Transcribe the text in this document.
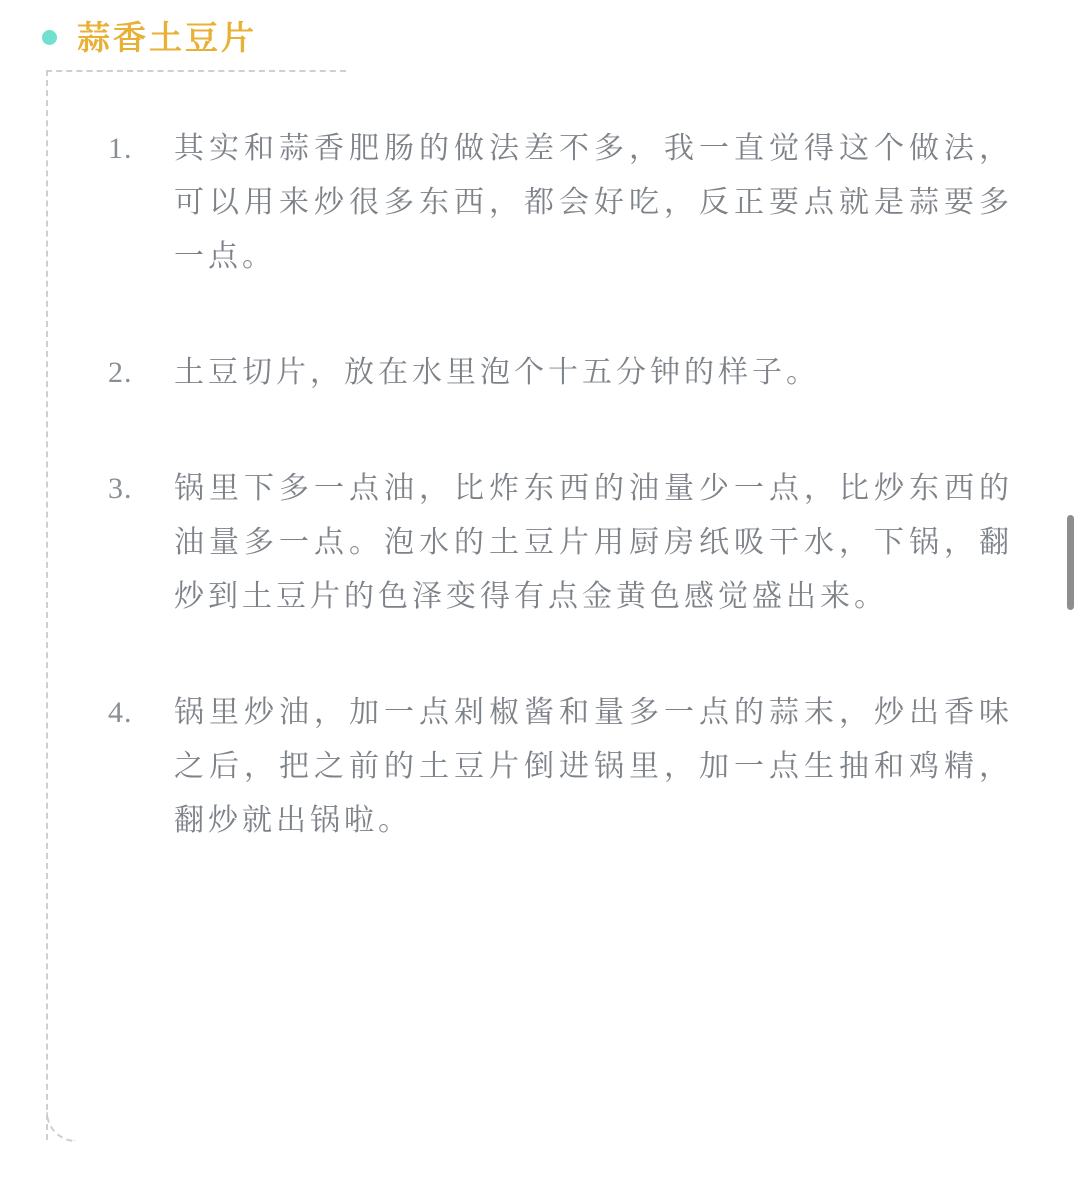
蒜香土豆片
1.	其实和蒜香肥肠的做法差不多，我一直觉得这个做法，可以用来炒很多东西，都会好吃，反正要点就是蒜要多一点。
2.	土豆切片，放在水里泡个十五分钟的样子。
3.	锅里下多一点油，比炸东西的油量少一点，比炒东西的油量多一点。泡水的土豆片用厨房纸吸干水，下锅，翻炒到土豆片的色泽变得有点金黄色感觉盛出来。
4.	锅里炒油，加一点剁椒酱和量多一点的蒜末，炒出香味之后，把之前的土豆片倒进锅里，加一点生抽和鸡精，翻炒就出锅啦。
